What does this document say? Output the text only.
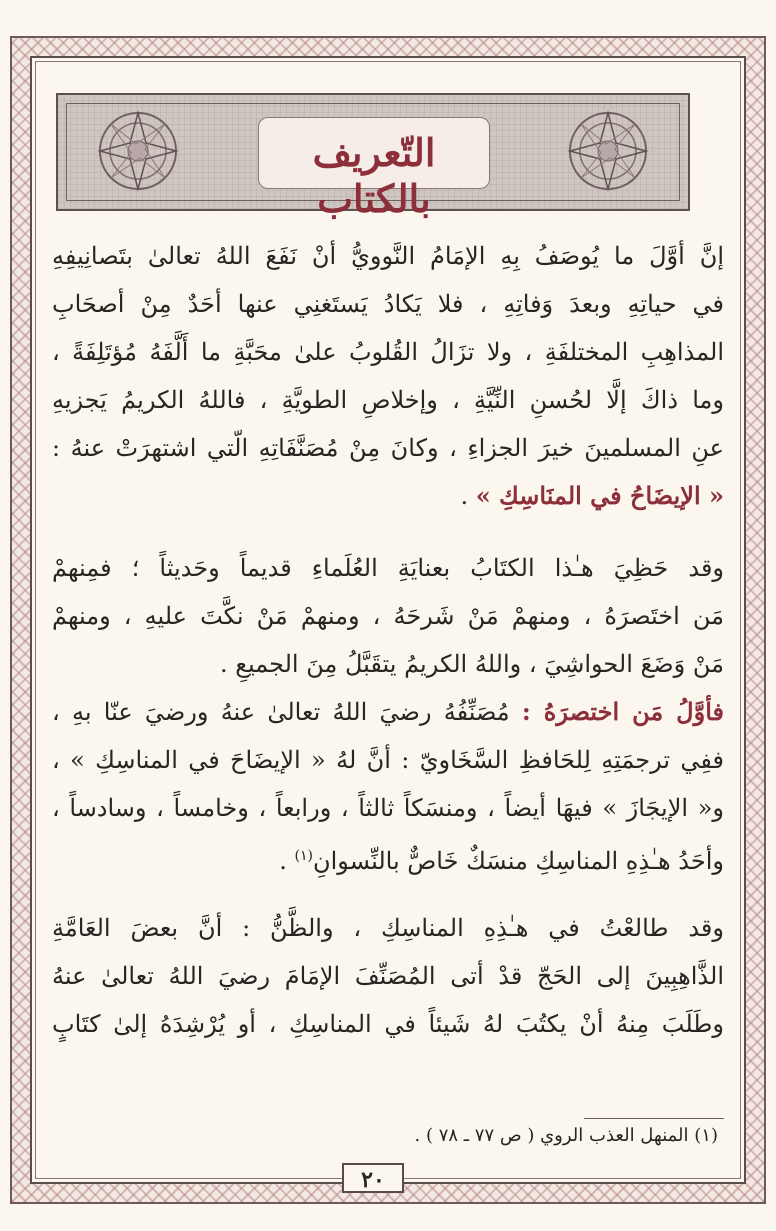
التّعريف بالكتاب
إنَّ أوَّلَ ما يُوصَفُ بِهِ الإمَامُ النَّوويُّ أنْ نَفَعَ اللهُ تعالىٰ بتَصانِيفِهِ
في حياتِهِ وبعدَ وَفاتِهِ ، فلا يَكادُ يَستَغنِي عنها أحَدٌ مِنْ أصحَابِ
المذاهِبِ المختلفَةِ ، ولا تزَالُ القُلوبُ علىٰ محَبَّةِ ما أَلَّفَهُ مُؤتَلِفَةً ،
وما ذاكَ إلَّا لحُسنِ النِّيَّةِ ، وإخلاصِ الطويَّةِ ، فاللهُ الكريمُ يَجزيهِ
عنِ المسلمينَ خيرَ الجزاءِ ، وكانَ مِنْ مُصَنَّفَاتِهِ الّتي اشتهرَتْ عنهُ :
« الإيضَاحُ في المنَاسِكِ » .
وقد حَظِيَ هـٰذا الكتَابُ بعنايَةِ العُلَماءِ قديماً وحَديثاً ؛ فمِنهمْ
مَن اختَصرَهُ ، ومنهمْ مَنْ شَرحَهُ ، ومنهمْ مَنْ نكَّتَ عليهِ ، ومنهمْ
مَنْ وَضَعَ الحواشِيَ ، واللهُ الكريمُ يتقَبَّلُ مِنَ الجميعِ .
فأوَّلُ مَن اختصرَهُ : مُصَنِّفُهُ رضيَ اللهُ تعالىٰ عنهُ ورضيَ عنّا بهِ ،
ففِي ترجمَتِهِ لِلحَافظِ السَّخَاويّ : أنَّ لهُ « الإيضَاحَ في المناسِكِ » ،
و« الإيجَازَ » فيهَا أيضاً ، ومنسَكاً ثالثاً ، ورابعاً ، وخامساً ، وسادساً ،
وأحَدُ هـٰذِهِ المناسِكِ منسَكٌ خَاصٌّ بالنِّسوانِ$^{(١)}$ .
وقد طالعْتُ في هـٰذِهِ المناسِكِ ، والظَّنُّ : أنَّ بعضَ العَامَّةِ
الذَّاهِبِينَ إلى الحَجّ قدْ أتى المُصَنِّفَ الإمَامَ رضيَ اللهُ تعالىٰ عنهُ
وطَلَبَ مِنهُ أنْ يكتُبَ لهُ شَيئاً في المناسِكِ ، أو يُرْشِدَهُ إلىٰ كتَابٍ
(١) المنهل العذب الروي ( ص ٧٧ ـ ٧٨ ) .
٢٠
